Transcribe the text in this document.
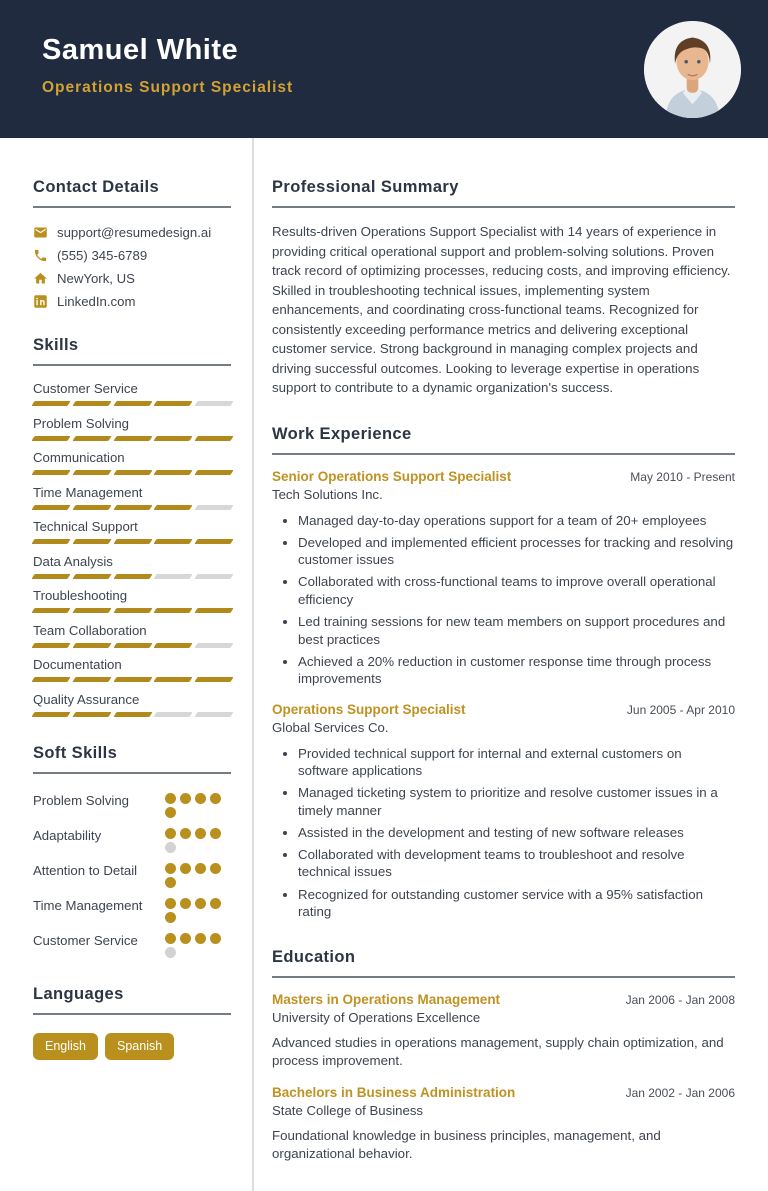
Samuel White
Operations Support Specialist
Contact Details
support@resumedesign.ai
(555) 345-6789
NewYork, US
LinkedIn.com
Skills
Customer Service
Problem Solving
Communication
Time Management
Technical Support
Data Analysis
Troubleshooting
Team Collaboration
Documentation
Quality Assurance
Soft Skills
Problem Solving
Adaptability
Attention to Detail
Time Management
Customer Service
Languages
English	Spanish
Professional Summary

Results-driven Operations Support Specialist with 14 years of experience in providing critical operational support and problem-solving solutions. Proven track record of optimizing processes, reducing costs, and improving efficiency. Skilled in troubleshooting technical issues, implementing system enhancements, and coordinating cross-functional teams. Recognized for consistently exceeding performance metrics and delivering exceptional customer service. Strong background in managing complex projects and driving successful outcomes. Looking to leverage expertise in operations support to contribute to a dynamic organization's success.

Work Experience
Senior Operations Support Specialist	May 2010 - Present
Tech Solutions Inc.
• Managed day-to-day operations support for a team of 20+ employees
• Developed and implemented efficient processes for tracking and resolving customer issues
• Collaborated with cross-functional teams to improve overall operational efficiency
• Led training sessions for new team members on support procedures and best practices
• Achieved a 20% reduction in customer response time through process improvements
Operations Support Specialist	Jun 2005 - Apr 2010
Global Services Co.
• Provided technical support for internal and external customers on software applications
• Managed ticketing system to prioritize and resolve customer issues in a timely manner
• Assisted in the development and testing of new software releases
• Collaborated with development teams to troubleshoot and resolve technical issues
• Recognized for outstanding customer service with a 95% satisfaction rating
Education
Masters in Operations Management	Jan 2006 - Jan 2008
University of Operations Excellence

Advanced studies in operations management, supply chain optimization, and process improvement.

Bachelors in Business Administration	Jan 2002 - Jan 2006
State College of Business

Foundational knowledge in business principles, management, and organizational behavior.
